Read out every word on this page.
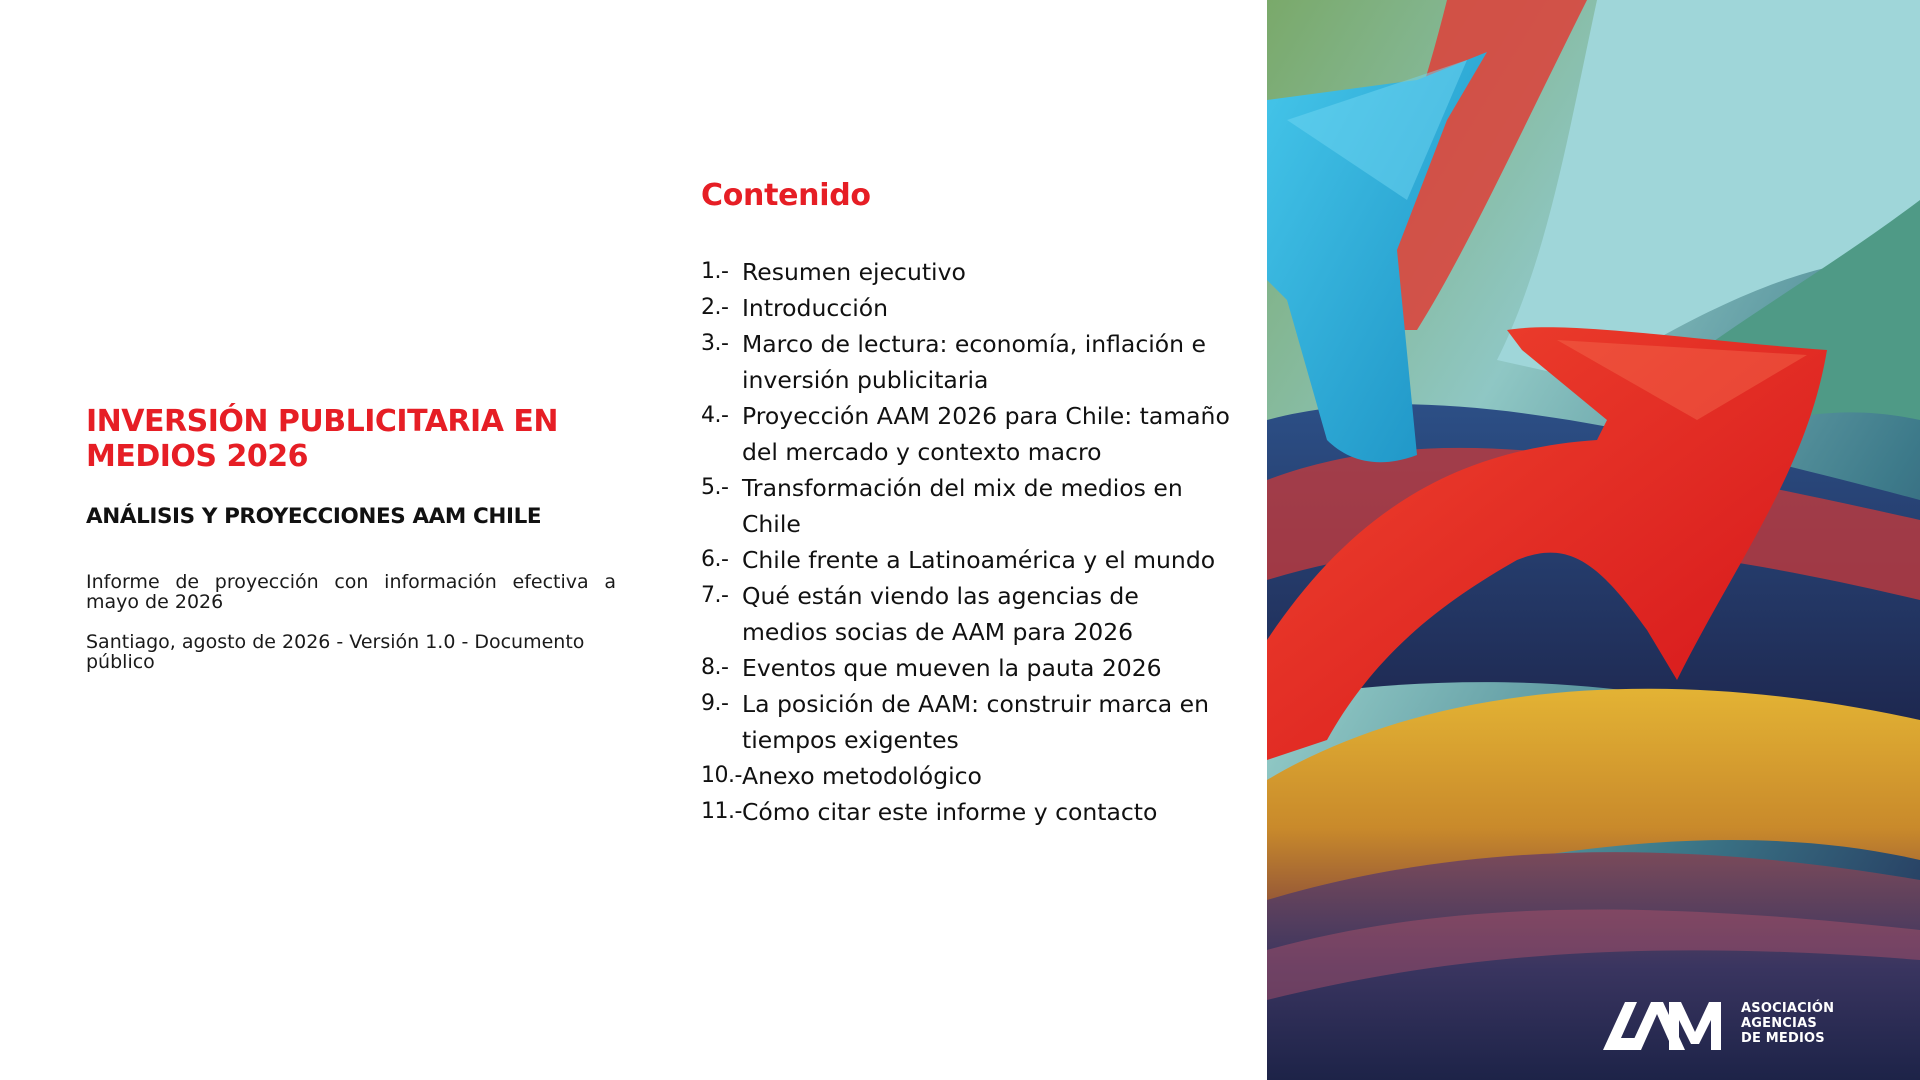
INVERSIÓN PUBLICITARIA EN MEDIOS 2026
ANÁLISIS Y PROYECCIONES AAM CHILE

Informe de proyección con información efectiva a mayo de 2026

Santiago, agosto de 2026 - Versión 1.0 - Documento público

Contenido
1.- Resumen ejecutivo
2.- Introducción
3.- Marco de lectura: economía, inflación e inversión publicitaria
4.- Proyección AAM 2026 para Chile: tamaño del mercado y contexto macro
5.- Transformación del mix de medios en Chile
6.- Chile frente a Latinoamérica y el mundo
7.- Qué están viendo las agencias de medios socias de AAM para 2026
8.- Eventos que mueven la pauta 2026
9.- La posición de AAM: construir marca en tiempos exigentes
10.- Anexo metodológico
11.- Cómo citar este informe y contacto
ASOCIACIÓN
AGENCIAS
DE MEDIOS
